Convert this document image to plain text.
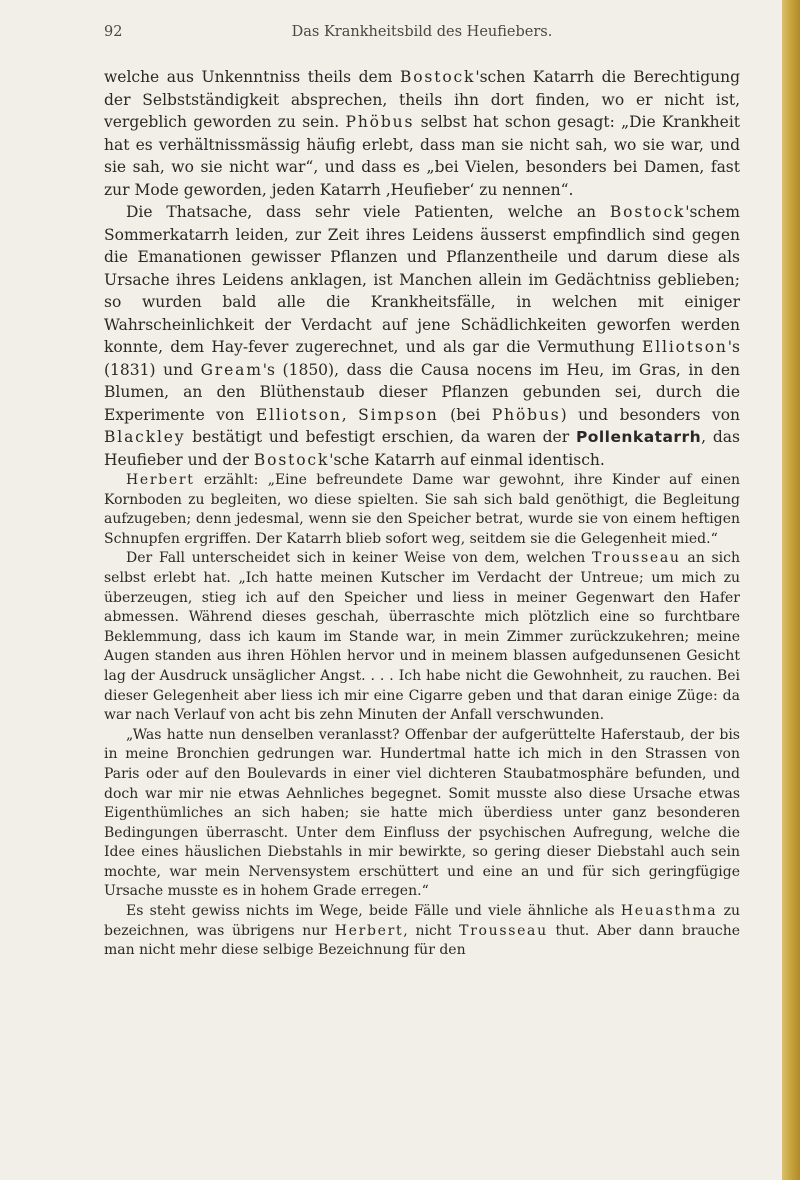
92	Das Krankheitsbild des Heufiebers.

welche aus Unkenntniss theils dem Bostock'schen Katarrh die Berechtigung der Selbstständigkeit absprechen, theils ihn dort finden, wo er nicht ist, vergeblich geworden zu sein. Phöbus selbst hat schon gesagt: „Die Krankheit hat es verhältnissmässig häufig erlebt, dass man sie nicht sah, wo sie war, und sie sah, wo sie nicht war“, und dass es „bei Vielen, besonders bei Damen, fast zur Mode geworden, jeden Katarrh ‚Heufieber‘ zu nennen“.

Die Thatsache, dass sehr viele Patienten, welche an Bostock'schem Sommerkatarrh leiden, zur Zeit ihres Leidens äusserst empfindlich sind gegen die Emanationen gewisser Pflanzen und Pflanzentheile und darum diese als Ursache ihres Leidens anklagen, ist Manchen allein im Gedächtniss geblieben; so wurden bald alle die Krankheitsfälle, in welchen mit einiger Wahrscheinlichkeit der Verdacht auf jene Schädlichkeiten geworfen werden konnte, dem Hay-fever zugerechnet, und als gar die Vermuthung Elliotson's (1831) und Gream's (1850), dass die Causa nocens im Heu, im Gras, in den Blumen, an den Blüthenstaub dieser Pflanzen gebunden sei, durch die Experimente von Elliotson, Simpson (bei Phöbus) und besonders von Blackley bestätigt und befestigt erschien, da waren der Pollenkatarrh, das Heufieber und der Bostock'sche Katarrh auf einmal identisch.

Herbert erzählt: „Eine befreundete Dame war gewohnt, ihre Kinder auf einen Kornboden zu begleiten, wo diese spielten. Sie sah sich bald genöthigt, die Begleitung aufzugeben; denn jedesmal, wenn sie den Speicher betrat, wurde sie von einem heftigen Schnupfen ergriffen. Der Katarrh blieb sofort weg, seitdem sie die Gelegenheit mied.“

Der Fall unterscheidet sich in keiner Weise von dem, welchen Trousseau an sich selbst erlebt hat. „Ich hatte meinen Kutscher im Verdacht der Untreue; um mich zu überzeugen, stieg ich auf den Speicher und liess in meiner Gegenwart den Hafer abmessen. Während dieses geschah, überraschte mich plötzlich eine so furchtbare Beklemmung, dass ich kaum im Stande war, in mein Zimmer zurückzukehren; meine Augen standen aus ihren Höhlen hervor und in meinem blassen aufgedunsenen Gesicht lag der Ausdruck unsäglicher Angst. . . . Ich habe nicht die Gewohnheit, zu rauchen. Bei dieser Gelegenheit aber liess ich mir eine Cigarre geben und that daran einige Züge: da war nach Verlauf von acht bis zehn Minuten der Anfall verschwunden.

„Was hatte nun denselben veranlasst? Offenbar der aufgerüttelte Haferstaub, der bis in meine Bronchien gedrungen war. Hundertmal hatte ich mich in den Strassen von Paris oder auf den Boulevards in einer viel dichteren Staubatmosphäre befunden, und doch war mir nie etwas Aehnliches begegnet. Somit musste also diese Ursache etwas Eigenthümliches an sich haben; sie hatte mich überdiess unter ganz besonderen Bedingungen überrascht. Unter dem Einfluss der psychischen Aufregung, welche die Idee eines häuslichen Diebstahls in mir bewirkte, so gering dieser Diebstahl auch sein mochte, war mein Nervensystem erschüttert und eine an und für sich geringfügige Ursache musste es in hohem Grade erregen.“

Es steht gewiss nichts im Wege, beide Fälle und viele ähnliche als Heuasthma zu bezeichnen, was übrigens nur Herbert, nicht Trousseau thut. Aber dann brauche man nicht mehr diese selbige Bezeichnung für den
